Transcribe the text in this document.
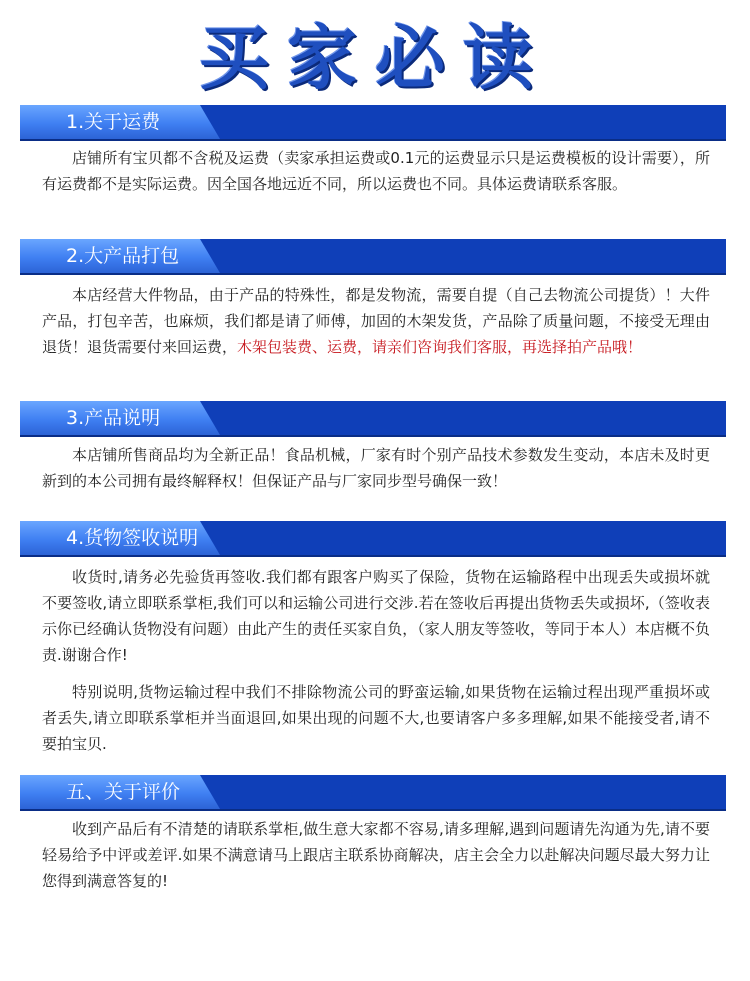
买家必读
1.关于运费

店铺所有宝贝都不含税及运费（卖家承担运费或0.1元的运费显示只是运费模板的设计需要），所有运费都不是实际运费。因全国各地远近不同，所以运费也不同。具体运费请联系客服。

2.大产品打包

本店经营大件物品，由于产品的特殊性，都是发物流，需要自提（自己去物流公司提货）！大件产品，打包辛苦，也麻烦，我们都是请了师傅，加固的木架发货，产品除了质量问题，不接受无理由退货！退货需要付来回运费，木架包装费、运费，请亲们咨询我们客服，再选择拍产品哦！

3.产品说明

本店铺所售商品均为全新正品！食品机械，厂家有时个别产品技术参数发生变动，本店未及时更新到的本公司拥有最终解释权！但保证产品与厂家同步型号确保一致！

4.货物签收说明

收货时,请务必先验货再签收.我们都有跟客户购买了保险，货物在运输路程中出现丢失或损坏就不要签收,请立即联系掌柜,我们可以和运输公司进行交涉.若在签收后再提出货物丢失或损坏,（签收表示你已经确认货物没有问题）由此产生的责任买家自负，（家人朋友等签收，等同于本人）本店概不负责.谢谢合作!

特别说明,货物运输过程中我们不排除物流公司的野蛮运输,如果货物在运输过程出现严重损坏或者丢失,请立即联系掌柜并当面退回,如果出现的问题不大,也要请客户多多理解,如果不能接受者,请不要拍宝贝.

五、关于评价

收到产品后有不清楚的请联系掌柜,做生意大家都不容易,请多理解,遇到问题请先沟通为先,请不要轻易给予中评或差评.如果不满意请马上跟店主联系协商解决，店主会全力以赴解决问题尽最大努力让您得到满意答复的!
